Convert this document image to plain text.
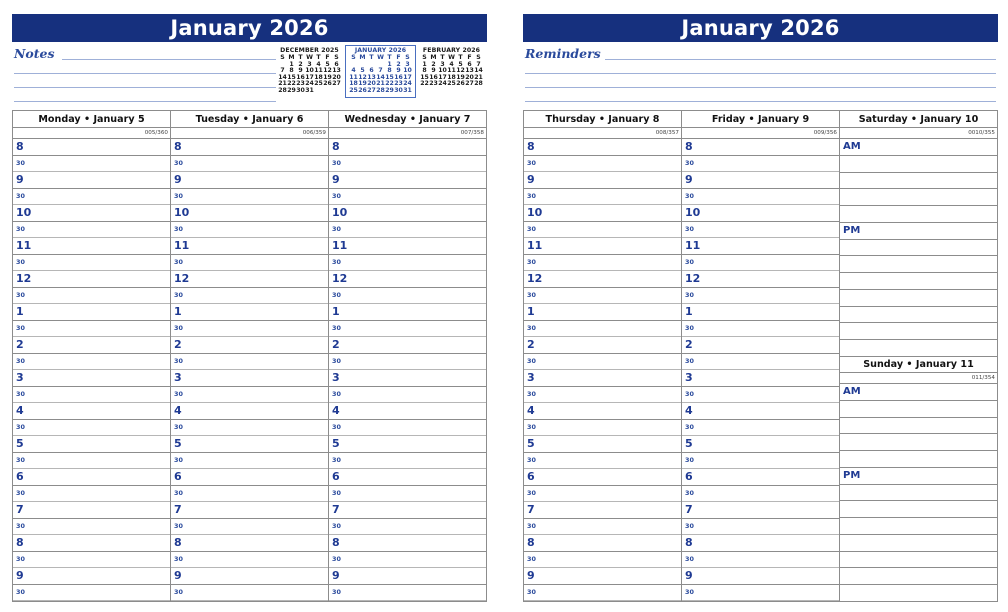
January 2026
Notes	DECEMBER 2025
S	M	T	W	T	F	S
	1	2	3	4	5	6
7	8	9	10	11	12	13
14	15	16	17	18	19	20
21	22	23	24	25	26	27
28	29	30	31			
JANUARY 2026
S	M	T	W	T	F	S
				1	2	3
4	5	6	7	8	9	10
11	12	13	14	15	16	17
18	19	20	21	22	23	24
25	26	27	28	29	30	31
FEBRUARY 2026
S	M	T	W	T	F	S
1	2	3	4	5	6	7
8	9	10	11	12	13	14
15	16	17	18	19	20	21
22	23	24	25	26	27	28

Monday • January 5
005/360
8
30
9
30
10
30
11
30
12
30
1
30
2
30
3
30
4
30
5
30
6
30
7
30
8
30
9
30
Tuesday • January 6
006/359
8
30
9
30
10
30
11
30
12
30
1
30
2
30
3
30
4
30
5
30
6
30
7
30
8
30
9
30
Wednesday • January 7
007/358
8
30
9
30
10
30
11
30
12
30
1
30
2
30
3
30
4
30
5
30
6
30
7
30
8
30
9
30
January 2026
Reminders
Thursday • January 8
008/357
8
30
9
30
10
30
11
30
12
30
1
30
2
30
3
30
4
30
5
30
6
30
7
30
8
30
9
30
Friday • January 9
009/356
8
30
9
30
10
30
11
30
12
30
1
30
2
30
3
30
4
30
5
30
6
30
7
30
8
30
9
30
Saturday • January 10
0010/355
AM
PM
Sunday • January 11
011/354
AM
PM
